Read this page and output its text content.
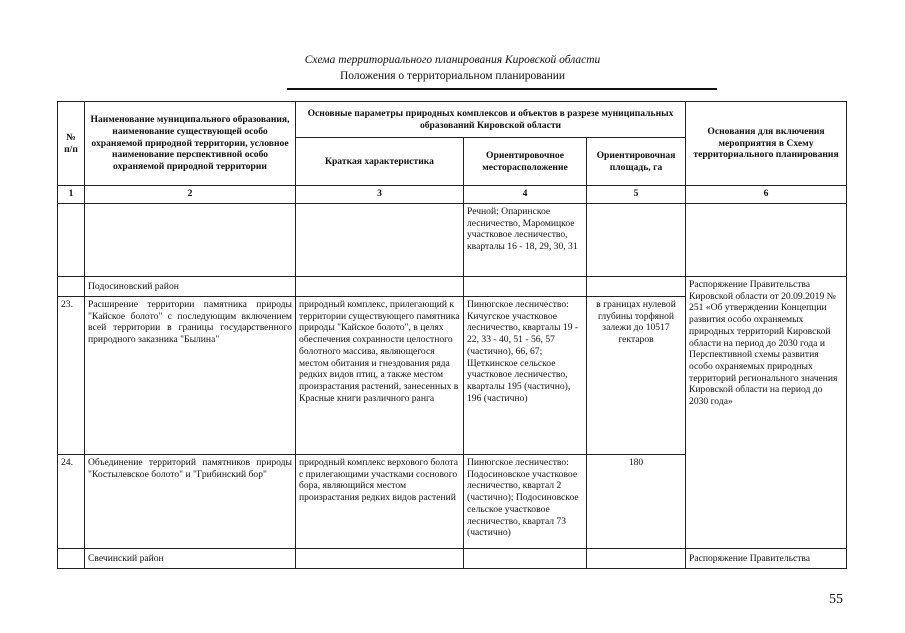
Схема территориального планирования Кировской области
Положения о территориальном планировании
№ п/п	Наименование муниципального образования, наименование существующей особо охраняемой природной территории, условное наименование перспективной особо охраняемой природной территории	Основные параметры природных комплексов и объектов в разрезе муниципальных образований Кировской области			Основания для включения мероприятия в Схему территориального планирования
		Краткая характеристика	Ориентировочное месторасположение	Ориентировочная площадь, га	
1	2	3	4	5	6
			Речной; Опаринское лесничество, Маромицкое участковое лесничество, кварталы 16 - 18, 29, 30, 31		
	Подосиновский район				Распоряжение Правительства Кировской области от 20.09.2019 № 251 «Об утверждении Концепции развития особо охраняемых природных территорий Кировской области на период до 2030 года и Перспективной схемы развития особо охраняемых природных территорий регионального значения Кировской области на период до 2030 года»
23.	Расширение территории памятника природы "Кайское болото" с последующим включением всей территории в границы государственного природного заказника "Былина"	природный комплекс, прилегающий к территории существующего памятника природы "Кайское болото", в целях обеспечения сохранности целостного болотного массива, являющегося местом обитания и гнездования ряда редких видов птиц, а также местом произрастания растений, занесенных в Красные книги различного ранга	Пинюгское лесничество: Кичугское участковое лесничество, кварталы 19 - 22, 33 - 40, 51 - 56, 57 (частично), 66, 67; Щеткинское сельское участковое лесничество, кварталы 195 (частично), 196 (частично)	в границах нулевой глубины торфяной залежи до 10517 гектаров	
24.	Объединение территорий памятников природы "Костылевское болото" и "Грибинский бор"	природный комплекс верхового болота с прилегающими участками соснового бора, являющийся местом произрастания редких видов растений	Пинюгское лесничество: Подосиновское участковое лесничество, квартал 2 (частично); Подосиновское сельское участковое лесничество, квартал 73 (частично)	180	
	Свечинский район				Распоряжение Правительства
55
